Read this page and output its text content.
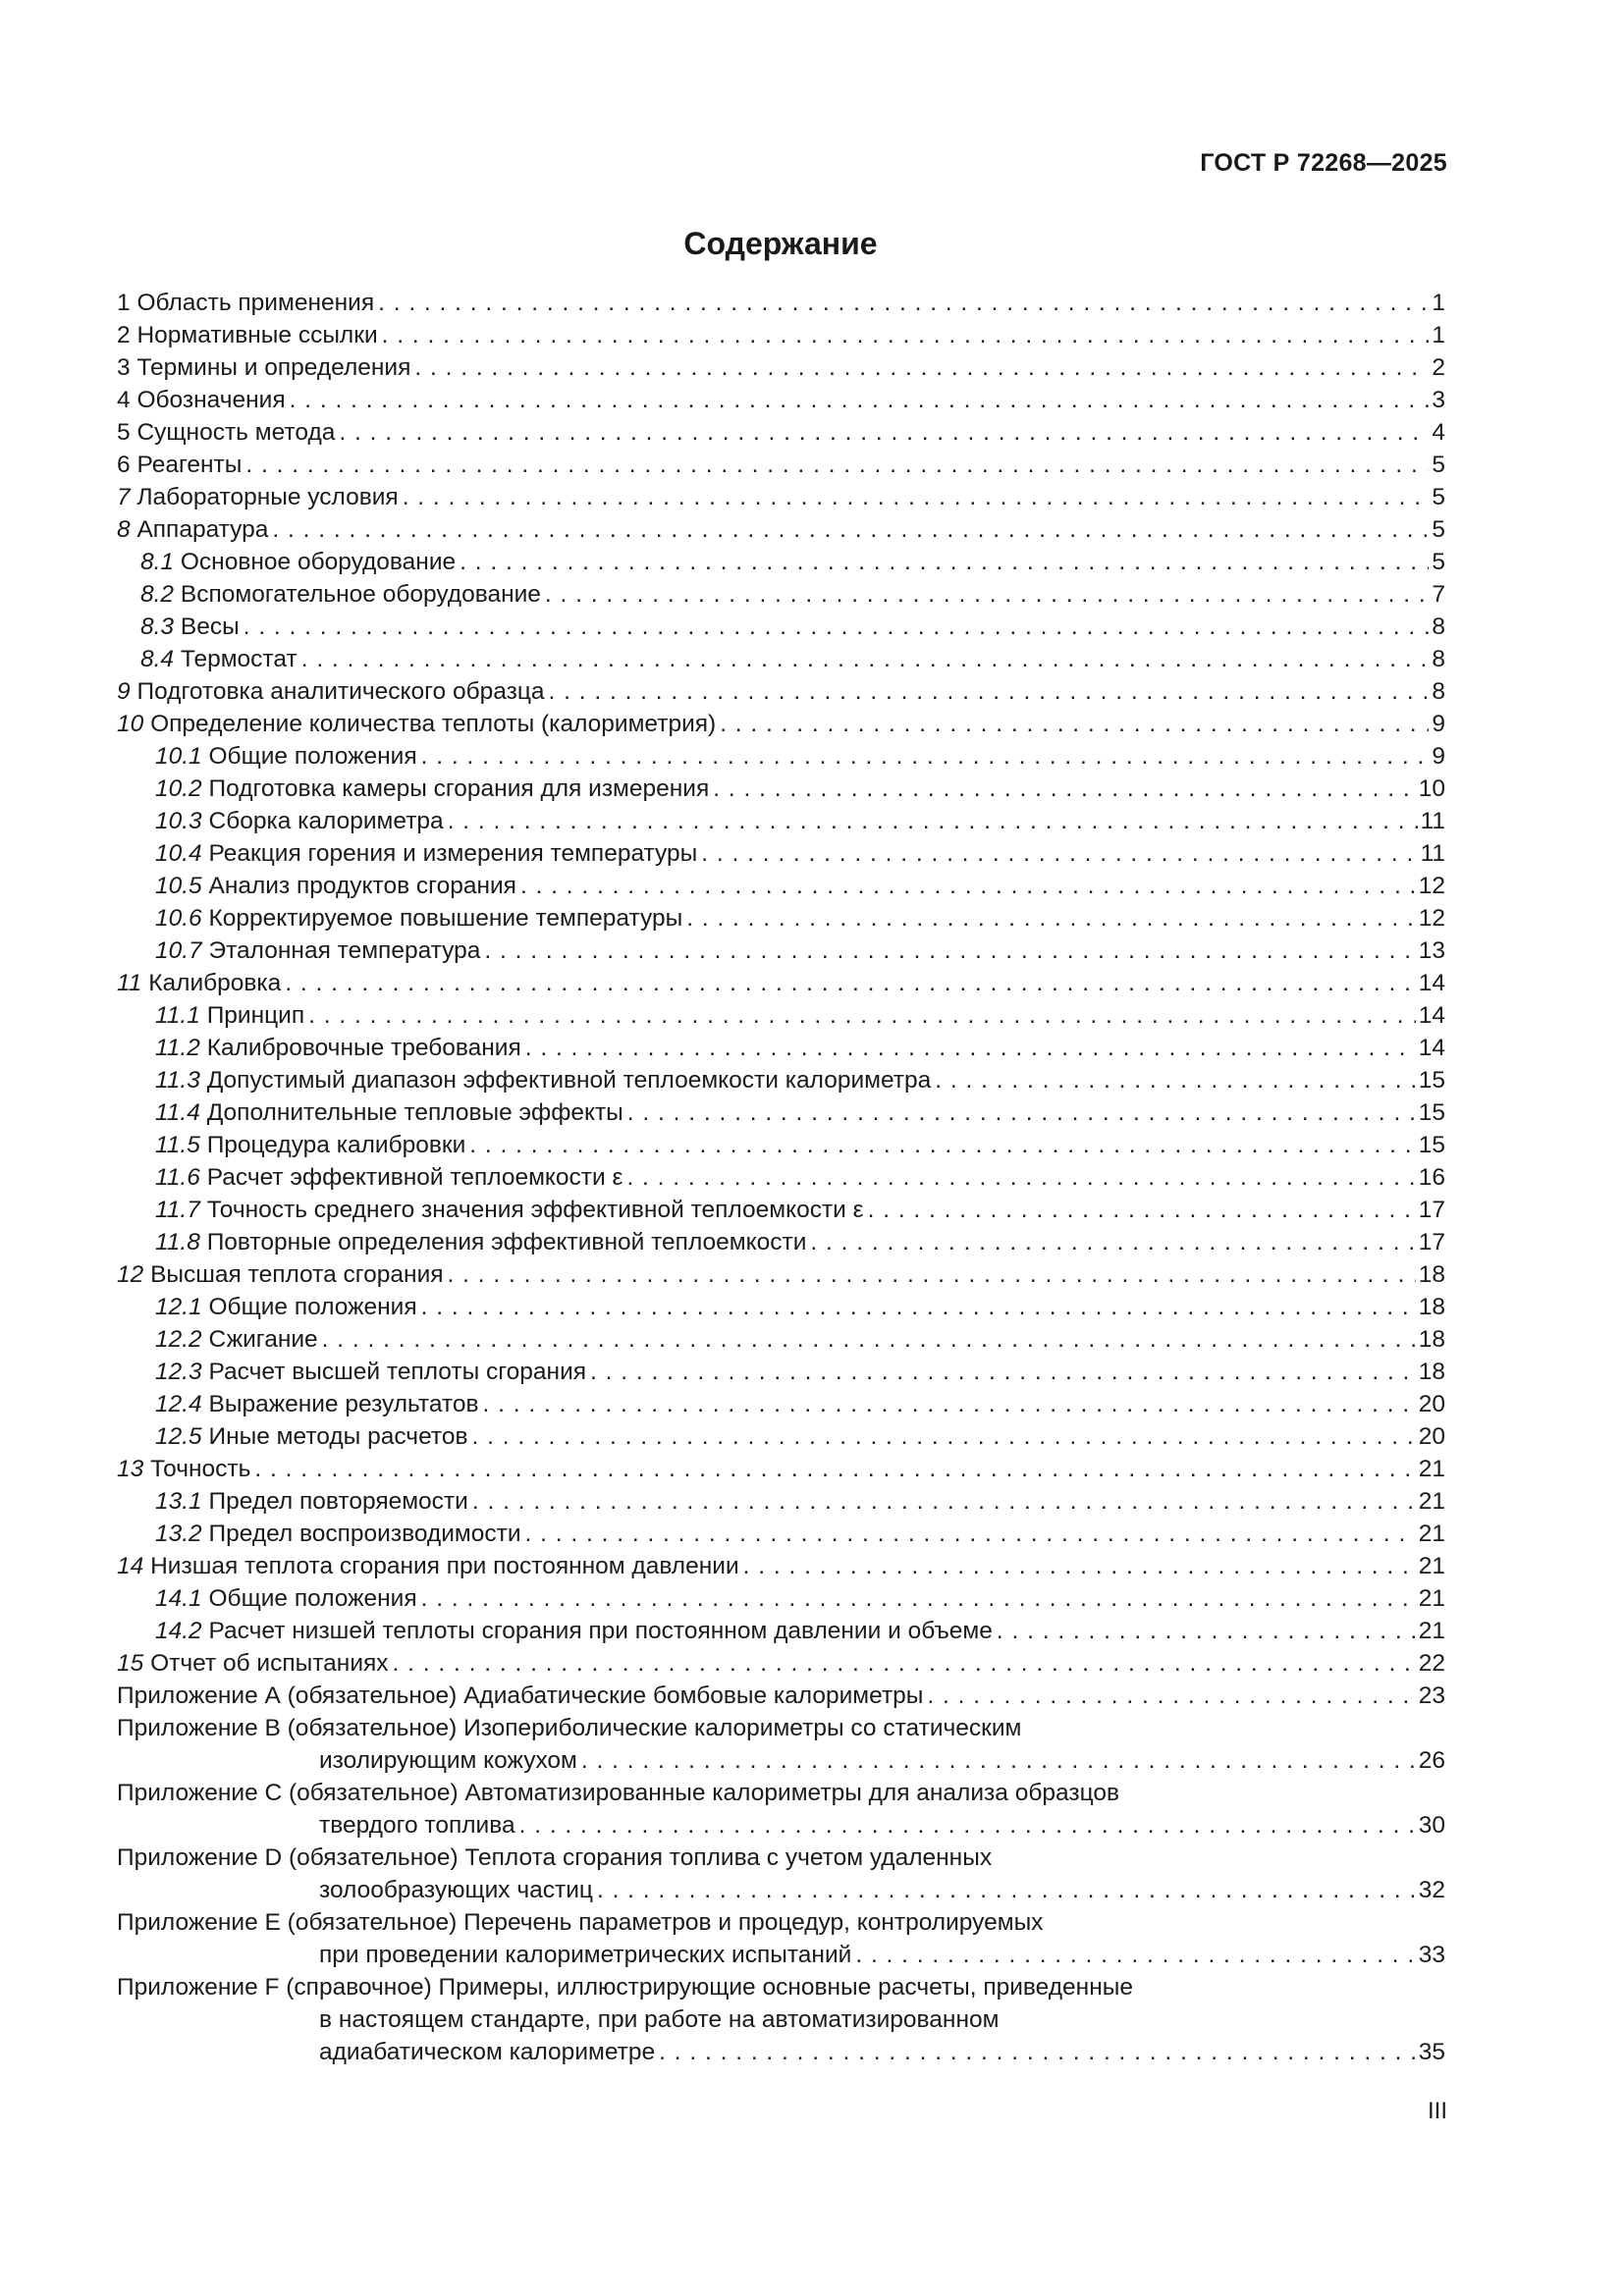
ГОСТ Р 72268—2025
Содержание
1 Область применения . . .	1
2 Нормативные ссылки . . .	1
3 Термины и определения . . .	2
4 Обозначения . . .	3
5 Сущность метода . . .	4
6 Реагенты . . .	5
7 Лабораторные условия . . .	5
8 Аппаратура . . .	5
8.1 Основное оборудование . . .	5
8.2 Вспомогательное оборудование . . .	7
8.3 Весы . . .	8
8.4 Термостат . . .	8
9 Подготовка аналитического образца . . .	8
10 Определение количества теплоты (калориметрия) . . .	9
10.1 Общие положения . . .	9
10.2 Подготовка камеры сгорания для измерения . . .	10
10.3 Сборка калориметра . . .	11
10.4 Реакция горения и измерения температуры . . .	11
10.5 Анализ продуктов сгорания . . .	12
10.6 Корректируемое повышение температуры . . .	12
10.7 Эталонная температура . . .	13
11 Калибровка . . .	14
11.1 Принцип . . .	14
11.2 Калибровочные требования . . .	14
11.3 Допустимый диапазон эффективной теплоемкости калориметра . . .	15
11.4 Дополнительные тепловые эффекты . . .	15
11.5 Процедура калибровки . . .	15
11.6 Расчет эффективной теплоемкости ε . . .	16
11.7 Точность среднего значения эффективной теплоемкости ε . . .	17
11.8 Повторные определения эффективной теплоемкости . . .	17
12 Высшая теплота сгорания . . .	18
12.1 Общие положения . . .	18
12.2 Сжигание . . .	18
12.3 Расчет высшей теплоты сгорания . . .	18
12.4 Выражение результатов . . .	20
12.5 Иные методы расчетов . . .	20
13 Точность . . .	21
13.1 Предел повторяемости . . .	21
13.2 Предел воспроизводимости . . .	21
14 Низшая теплота сгорания при постоянном давлении . . .	21
14.1 Общие положения . . .	21
14.2 Расчет низшей теплоты сгорания при постоянном давлении и объеме . . .	21
15 Отчет об испытаниях . . .	22
Приложение А (обязательное) Адиабатические бомбовые калориметры . . .	23
Приложение В (обязательное) Изопериболические калориметры со статическим
изолирующим кожухом . . .	26
Приложение С (обязательное) Автоматизированные калориметры для анализа образцов
твердого топлива . . .	30
Приложение D (обязательное) Теплота сгорания топлива с учетом удаленных
золообразующих частиц . . .	32
Приложение Е (обязательное) Перечень параметров и процедур, контролируемых
при проведении калориметрических испытаний . . .	33
Приложение F (справочное) Примеры, иллюстрирующие основные расчеты, приведенные
в настоящем стандарте, при работе на автоматизированном
адиабатическом калориметре . . .	35
III
